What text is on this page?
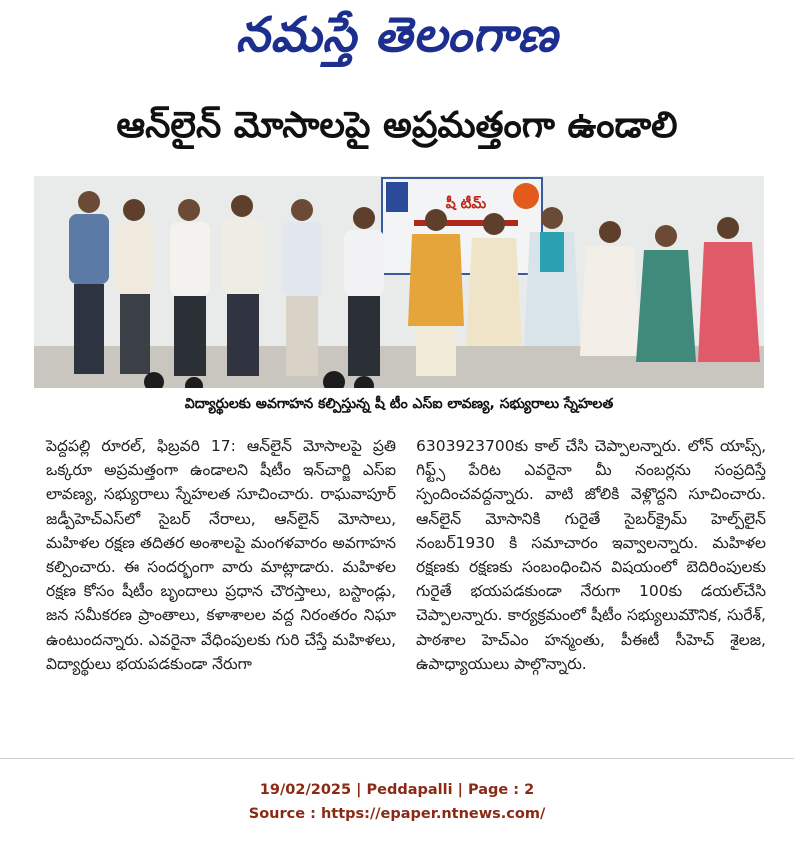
నమస్తే తెలంగాణ
ఆన్‌లైన్ మోసాలపై అప్రమత్తంగా ఉండాలి
షీ టీమ్
విద్యార్థులకు అవగాహన కల్పిస్తున్న షీ టీం ఎస్ఐ లావణ్య, సభ్యురాలు స్నేహలత

పెద్దపల్లి రూరల్, ఫిబ్రవరి 17: ఆన్‌లైన్ మోసాలపై ప్రతి ఒక్కరూ అప్రమత్తంగా ఉండాలని షీటీం ఇన్‌చార్జి ఎస్ఐ లావణ్య, సభ్యురాలు స్నేహలత సూచించారు. రాఘవాపూర్ జడ్పీహెచ్ఎస్‌లో సైబర్ నేరాలు, ఆన్‌లైన్ మోసాలు, మహిళల రక్షణ తదితర అంశాలపై మంగళవారం అవగాహన కల్పించారు. ఈ సందర్భంగా వారు మాట్లాడారు. మహిళల రక్షణ కోసం షీటీం బృందాలు ప్రధాన చౌరస్తాలు, బస్టాండ్లు, జన సమీకరణ ప్రాంతాలు, కళాశాలల వద్ద నిరంతరం నిఘా ఉంటుందన్నారు. ఎవరైనా వేధింపులకు గురి చేస్తే మహిళలు, విద్యార్థులు భయపడకుండా నేరుగా

6303923700కు కాల్ చేసి చెప్పాలన్నారు. లోన్ యాప్స్, గిఫ్ట్స్ పేరిట ఎవరైనా మీ నంబర్లను సంప్రదిస్తే స్పందించవద్దన్నారు. వాటి జోలికి వెళ్లొద్దని సూచించారు. ఆన్‌లైన్ మోసానికి గురైతే సైబర్‌క్రైమ్ హెల్ప్‌లైన్ నంబర్1930 కి సమాచారం ఇవ్వాలన్నారు. మహిళల రక్షణకు రక్షణకు సంబంధించిన విషయంలో బెదిరింపులకు గురైతే భయపడకుండా నేరుగా 100కు డయల్‌చేసి చెప్పాలన్నారు. కార్యక్రమంలో షీటీం సభ్యులుమౌనిక, సురేశ్, పాఠశాల హెచ్ఎం హన్మంతు, పీఈటీ సీహెచ్ శైలజ, ఉపాధ్యాయులు పాల్గొన్నారు.

19/02/2025 | Peddapalli | Page : 2
Source : https://epaper.ntnews.com/
